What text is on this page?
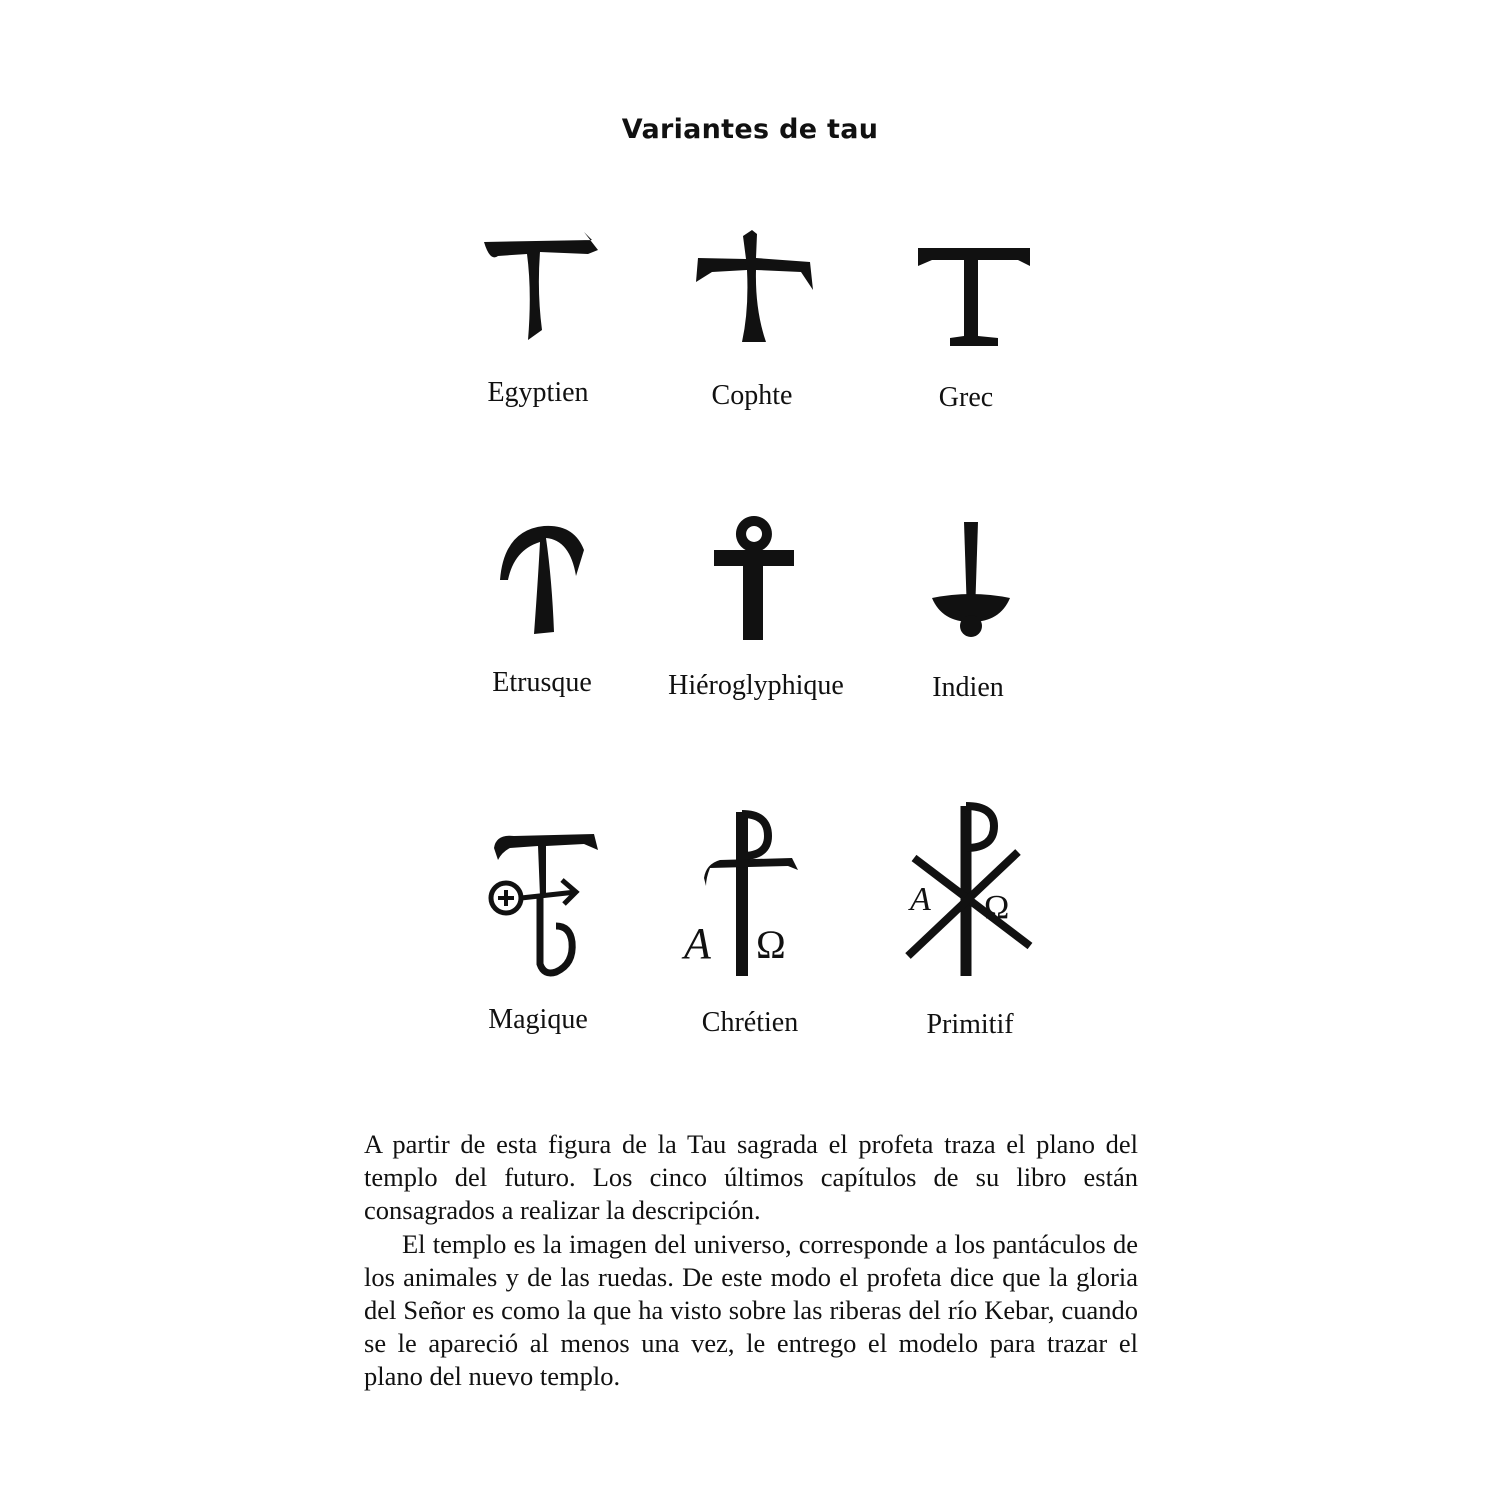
Variantes de tau
Egyptien	Cophte	Grec
Etrusque	Hiéroglyphique	Indien
A Ω
A Ω
Magique	Chrétien	Primitif

A partir de esta figura de la Tau sagrada el profeta traza el plano del templo del futuro. Los cinco últimos capítulos de su libro están consagrados a realizar la descripción.

El templo es la imagen del universo, corresponde a los pantáculos de los animales y de las ruedas. De este modo el profeta dice que la gloria del Señor es como la que ha visto sobre las riberas del río Kebar, cuando se le apareció al menos una vez, le entrego el modelo para trazar el plano del nuevo templo.
